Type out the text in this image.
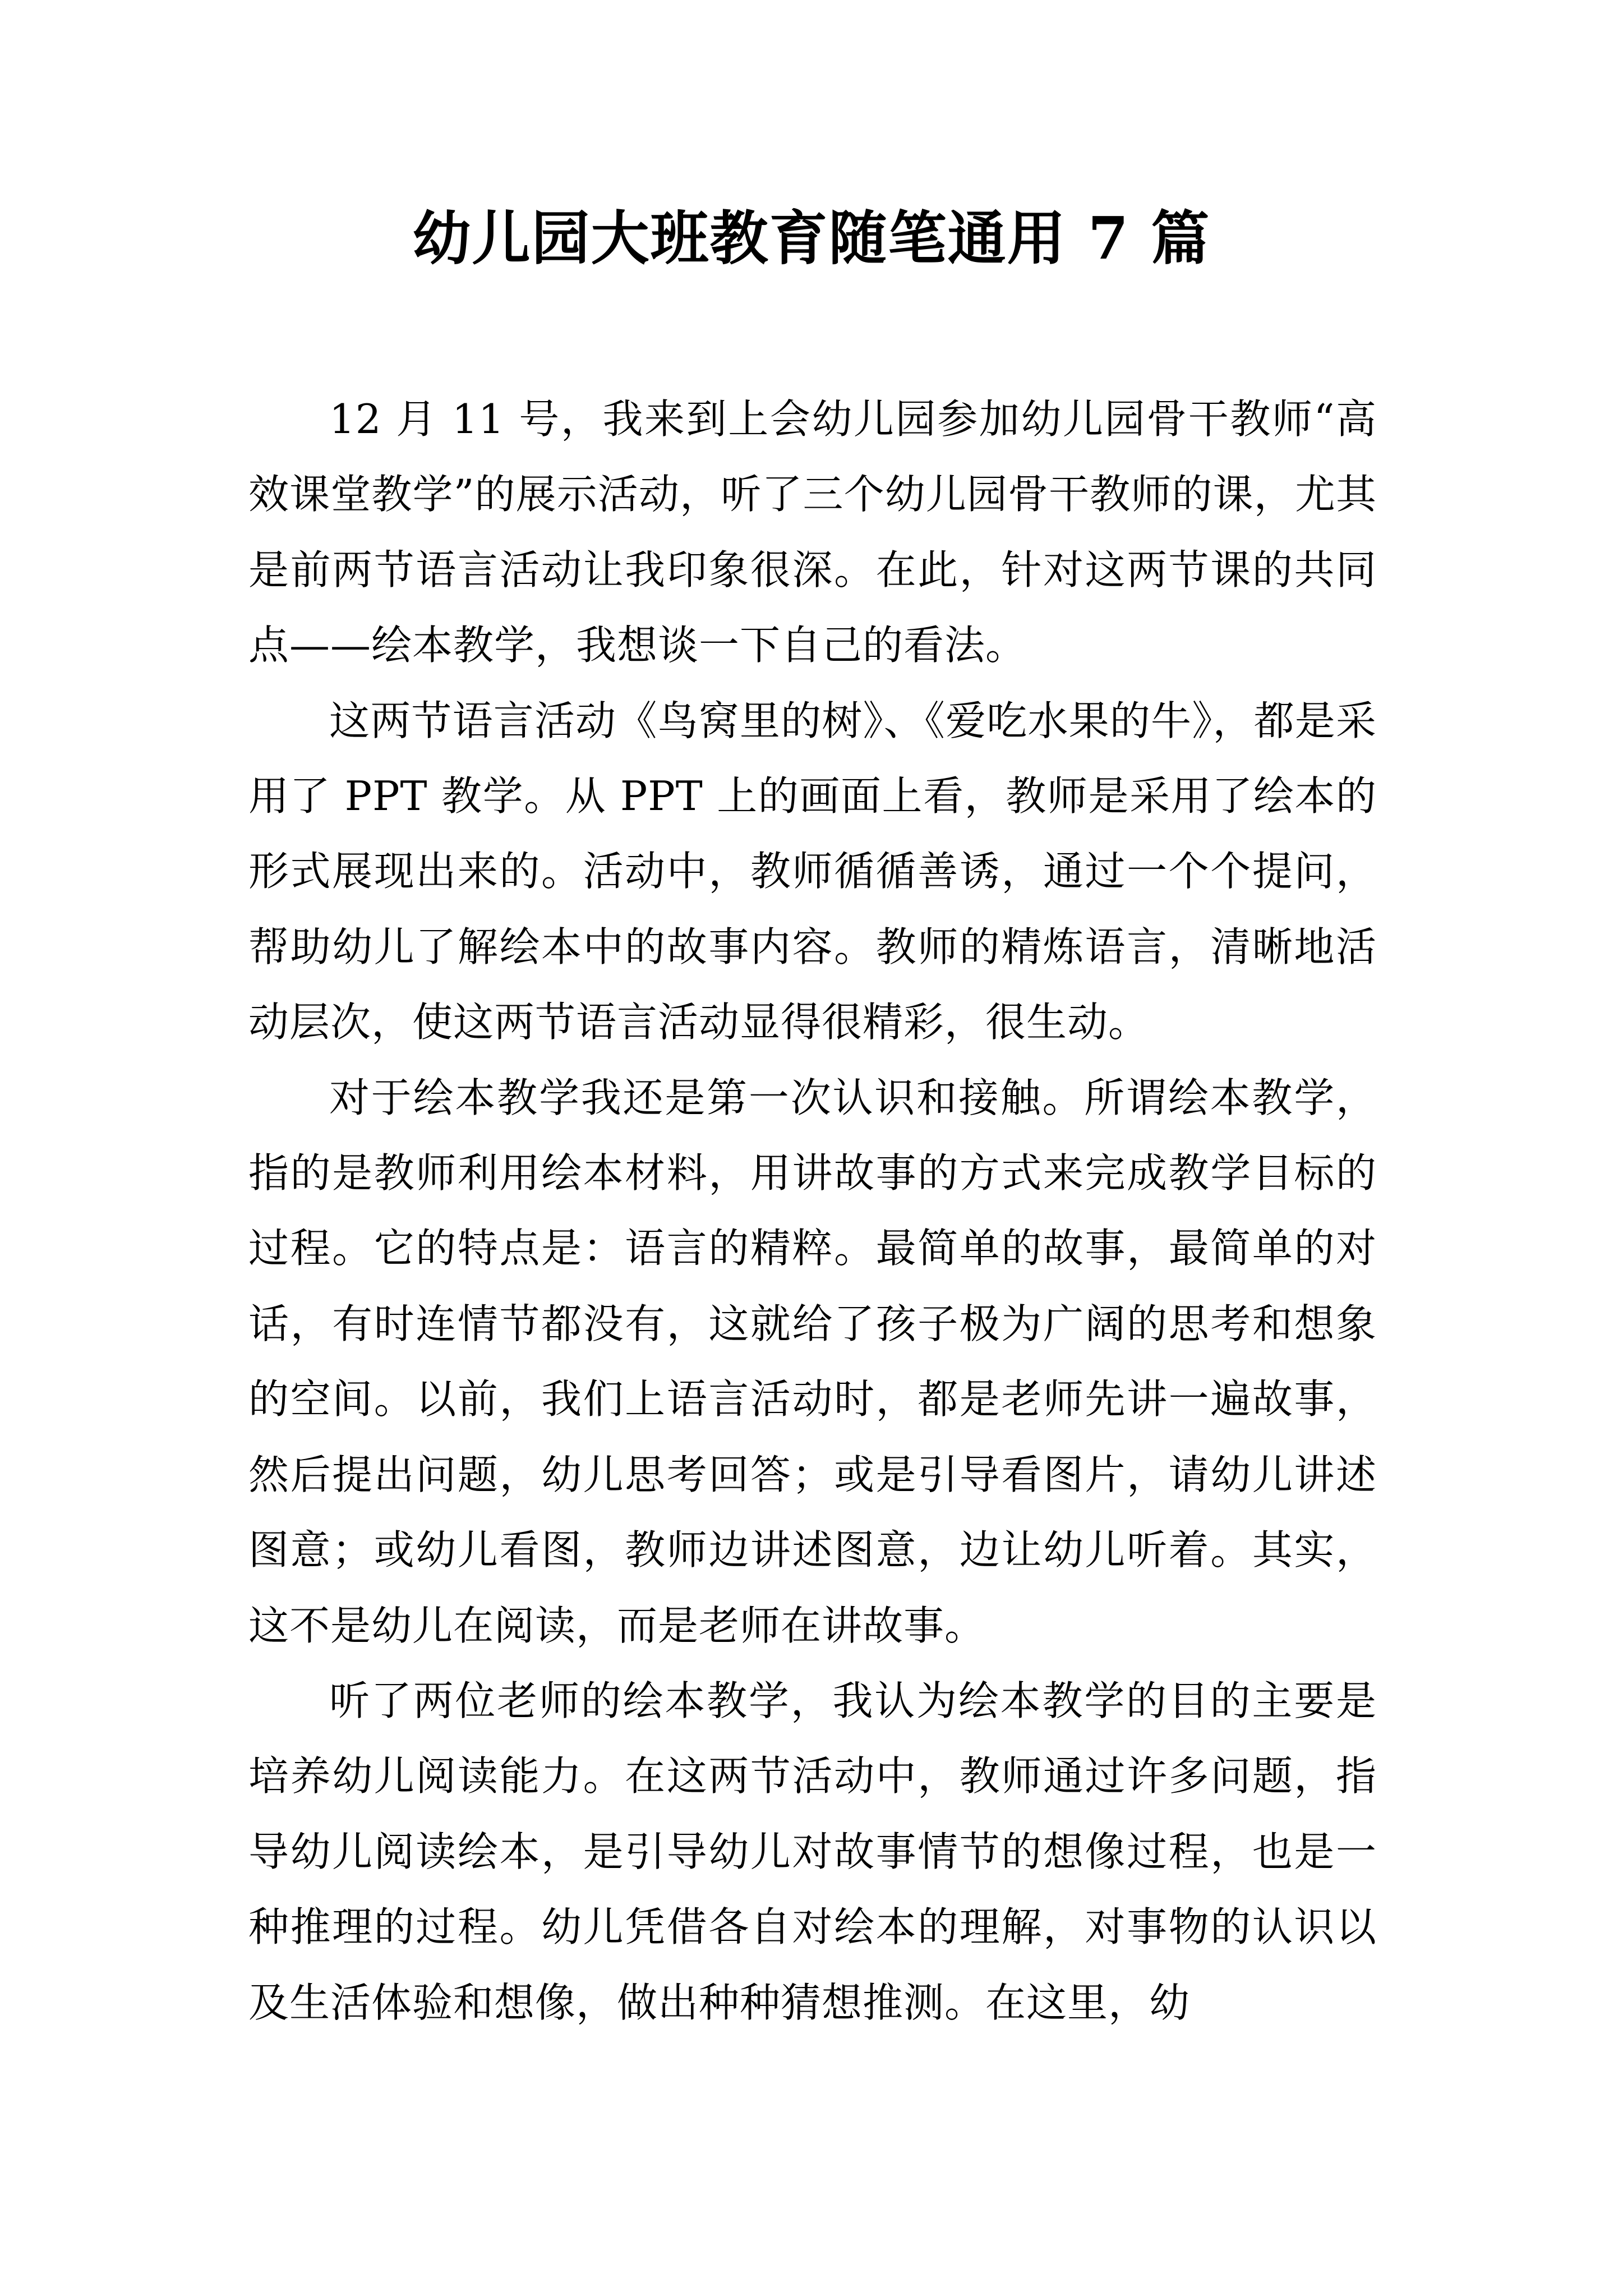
幼儿园大班教育随笔通用 7 篇

12 月 11 号，我来到上会幼儿园参加幼儿园骨干教师“高效课堂教学”的展示活动，听了三个幼儿园骨干教师的课，尤其是前两节语言活动让我印象很深。在此，针对这两节课的共同点——绘本教学，我想谈一下自己的看法。

这两节语言活动《鸟窝里的树》、《爱吃水果的牛》，都是采用了 PPT 教学。从 PPT 上的画面上看，教师是采用了绘本的形式展现出来的。活动中，教师循循善诱，通过一个个提问，帮助幼儿了解绘本中的故事内容。教师的精炼语言，清晰地活动层次，使这两节语言活动显得很精彩，很生动。

对于绘本教学我还是第一次认识和接触。所谓绘本教学，指的是教师利用绘本材料，用讲故事的方式来完成教学目标的过程。它的特点是：语言的精粹。最简单的故事，最简单的对话，有时连情节都没有，这就给了孩子极为广阔的思考和想象的空间。以前，我们上语言活动时，都是老师先讲一遍故事，然后提出问题，幼儿思考回答；或是引导看图片，请幼儿讲述图意；或幼儿看图，教师边讲述图意，边让幼儿听着。其实，这不是幼儿在阅读，而是老师在讲故事。

听了两位老师的绘本教学，我认为绘本教学的目的主要是培养幼儿阅读能力。在这两节活动中，教师通过许多问题，指导幼儿阅读绘本，是引导幼儿对故事情节的想像过程，也是一种推理的过程。幼儿凭借各自对绘本的理解，对事物的认识以及生活体验和想像，做出种种猜想推测。在这里，幼
